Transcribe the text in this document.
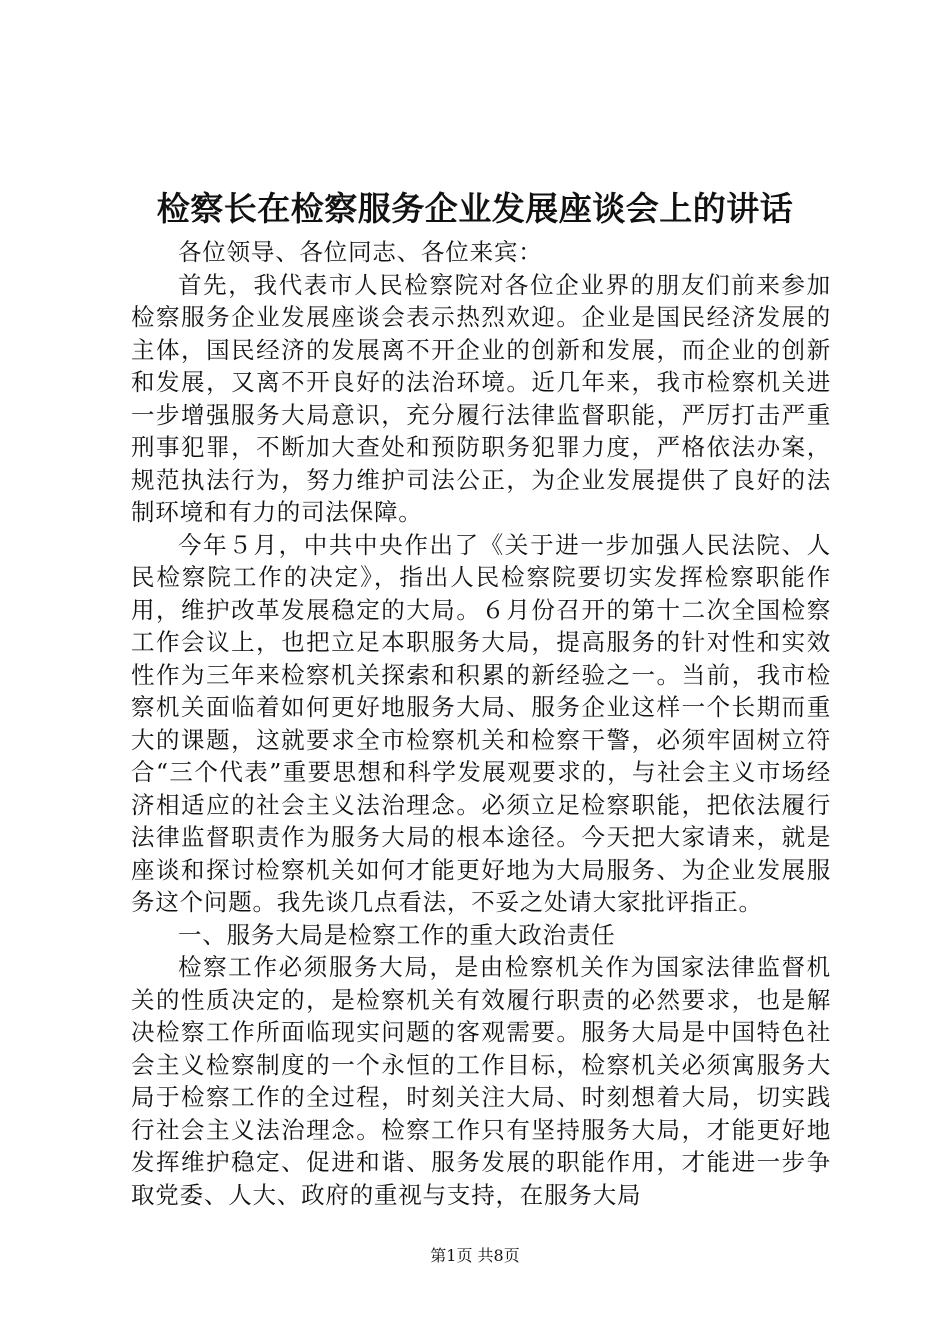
检察长在检察服务企业发展座谈会上的讲话

各位领导、各位同志、各位来宾：

首先，我代表市人民检察院对各位企业界的朋友们前来参加检察服务企业发展座谈会表示热烈欢迎。企业是国民经济发展的主体，国民经济的发展离不开企业的创新和发展，而企业的创新和发展，又离不开良好的法治环境。近几年来，我市检察机关进一步增强服务大局意识，充分履行法律监督职能，严厉打击严重刑事犯罪，不断加大查处和预防职务犯罪力度，严格依法办案，规范执法行为，努力维护司法公正，为企业发展提供了良好的法制环境和有力的司法保障。

今年５月，中共中央作出了《关于进一步加强人民法院、人民检察院工作的决定》，指出人民检察院要切实发挥检察职能作用，维护改革发展稳定的大局。６月份召开的第十二次全国检察工作会议上，也把立足本职服务大局，提高服务的针对性和实效性作为三年来检察机关探索和积累的新经验之一。当前，我市检察机关面临着如何更好地服务大局、服务企业这样一个长期而重大的课题，这就要求全市检察机关和检察干警，必须牢固树立符合“三个代表”重要思想和科学发展观要求的，与社会主义市场经济相适应的社会主义法治理念。必须立足检察职能，把依法履行法律监督职责作为服务大局的根本途径。今天把大家请来，就是座谈和探讨检察机关如何才能更好地为大局服务、为企业发展服务这个问题。我先谈几点看法，不妥之处请大家批评指正。

一、服务大局是检察工作的重大政治责任

检察工作必须服务大局，是由检察机关作为国家法律监督机关的性质决定的，是检察机关有效履行职责的必然要求，也是解决检察工作所面临现实问题的客观需要。服务大局是中国特色社会主义检察制度的一个永恒的工作目标，检察机关必须寓服务大局于检察工作的全过程，时刻关注大局、时刻想着大局，切实践行社会主义法治理念。检察工作只有坚持服务大局，才能更好地发挥维护稳定、促进和谐、服务发展的职能作用，才能进一步争取党委、人大、政府的重视与支持，在服务大局

第1页 共8页
